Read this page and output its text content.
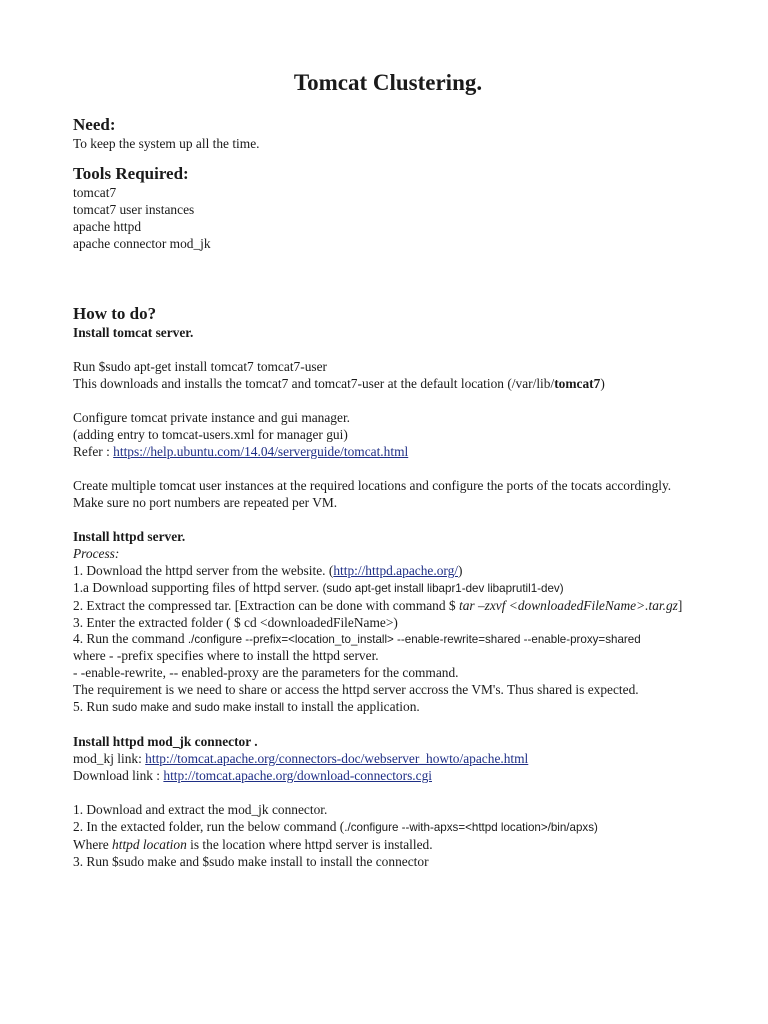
Tomcat Clustering.

Need:

To keep the system up all the time.

Tools Required:

tomcat7

tomcat7 user instances

apache httpd

apache connector mod_jk

How to do?

Install tomcat server.

Run $sudo apt-get install tomcat7 tomcat7-user

This downloads and installs the tomcat7 and tomcat7-user at the default location (/var/lib/tomcat7)

Configure tomcat private instance and gui manager.

(adding entry to tomcat-users.xml for manager gui)

Refer : https://help.ubuntu.com/14.04/serverguide/tomcat.html

Create multiple tomcat user instances at the required locations and configure the ports of the tocats accordingly.

Make sure no port numbers are repeated per VM.

Install httpd server.

Process:

1. Download the httpd server from the website. (http://httpd.apache.org/)

1.a Download supporting files of httpd server. (sudo apt-get install libapr1-dev libaprutil1-dev)

2. Extract the compressed tar. [Extraction can be done with command $ tar –zxvf <downloadedFileName>.tar.gz]

3. Enter the extracted folder ( $ cd <downloadedFileName>)

4. Run the command ./configure --prefix=<location_to_install> --enable-rewrite=shared --enable-proxy=shared

where - -prefix specifies where to install the httpd server.

- -enable-rewrite, -- enabled-proxy are the parameters for the command.

The requirement is we need to share or access the httpd server accross the VM's. Thus shared is expected.

5. Run sudo make and sudo make install to install the application.

Install httpd mod_jk connector .

mod_kj link: http://tomcat.apache.org/connectors-doc/webserver_howto/apache.html

Download link : http://tomcat.apache.org/download-connectors.cgi

1. Download and extract the mod_jk connector.

2. In the extacted folder, run the below command (./configure --with-apxs=<httpd location>/bin/apxs)

Where httpd location is the location where httpd server is installed.

3. Run $sudo make and $sudo make install to install the connector
